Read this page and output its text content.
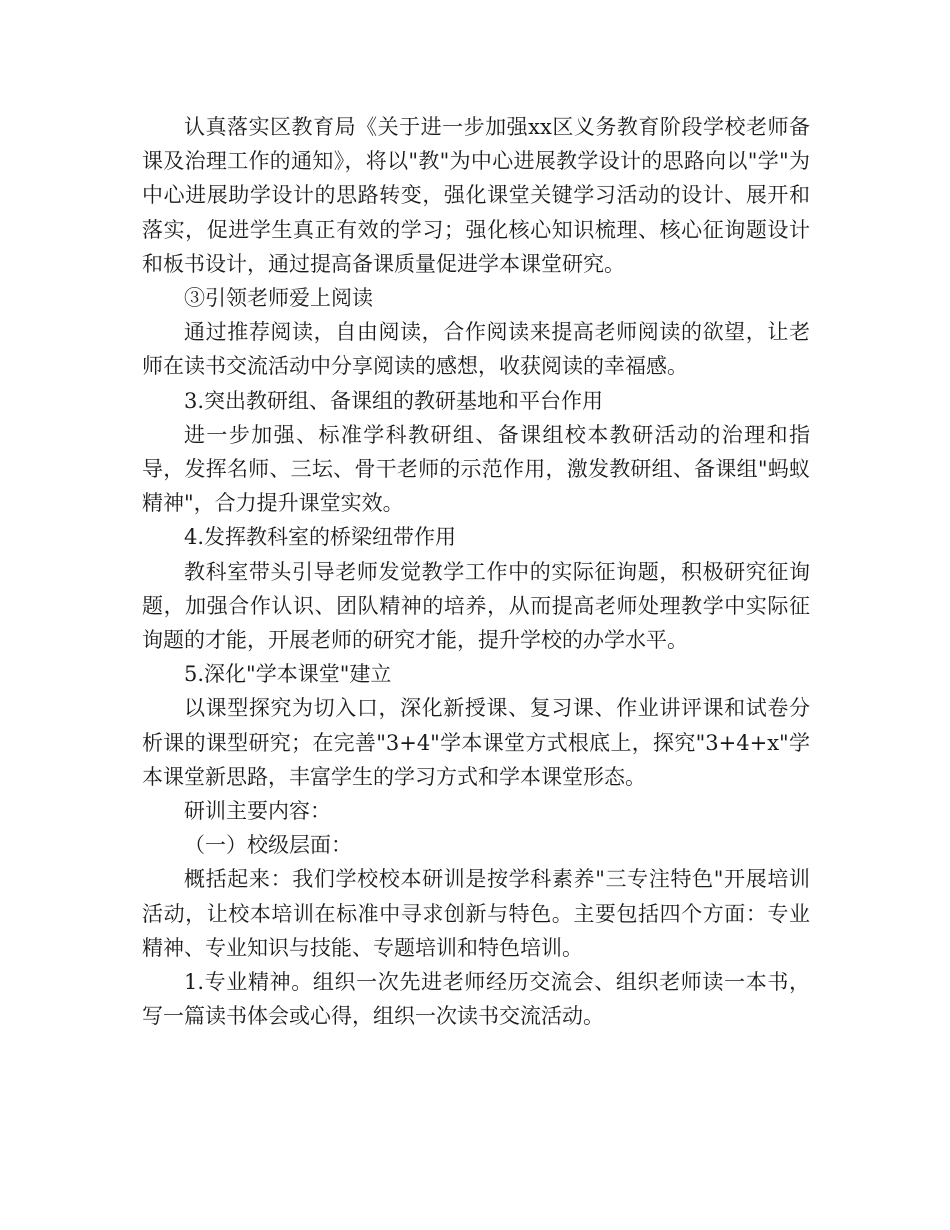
认真落实区教育局《关于进一步加强xx区义务教育阶段学校老师备课及治理工作的通知》，将以"教"为中心进展教学设计的思路向以"学"为中心进展助学设计的思路转变，强化课堂关键学习活动的设计、展开和落实，促进学生真正有效的学习；强化核心知识梳理、核心征询题设计和板书设计，通过提高备课质量促进学本课堂研究。

③引领老师爱上阅读

通过推荐阅读，自由阅读，合作阅读来提高老师阅读的欲望，让老师在读书交流活动中分享阅读的感想，收获阅读的幸福感。

3.突出教研组、备课组的教研基地和平台作用

进一步加强、标准学科教研组、备课组校本教研活动的治理和指导，发挥名师、三坛、骨干老师的示范作用，激发教研组、备课组"蚂蚁精神"，合力提升课堂实效。

4.发挥教科室的桥梁纽带作用

教科室带头引导老师发觉教学工作中的实际征询题，积极研究征询题，加强合作认识、团队精神的培养，从而提高老师处理教学中实际征询题的才能，开展老师的研究才能，提升学校的办学水平。

5.深化"学本课堂"建立

以课型探究为切入口，深化新授课、复习课、作业讲评课和试卷分析课的课型研究；在完善"3+4"学本课堂方式根底上，探究"3+4+x"学本课堂新思路，丰富学生的学习方式和学本课堂形态。

研训主要内容：

（一）校级层面：

概括起来：我们学校校本研训是按学科素养"三专注特色"开展培训活动，让校本培训在标准中寻求创新与特色。主要包括四个方面：专业精神、专业知识与技能、专题培训和特色培训。

1.专业精神。组织一次先进老师经历交流会、组织老师读一本书，写一篇读书体会或心得，组织一次读书交流活动。
